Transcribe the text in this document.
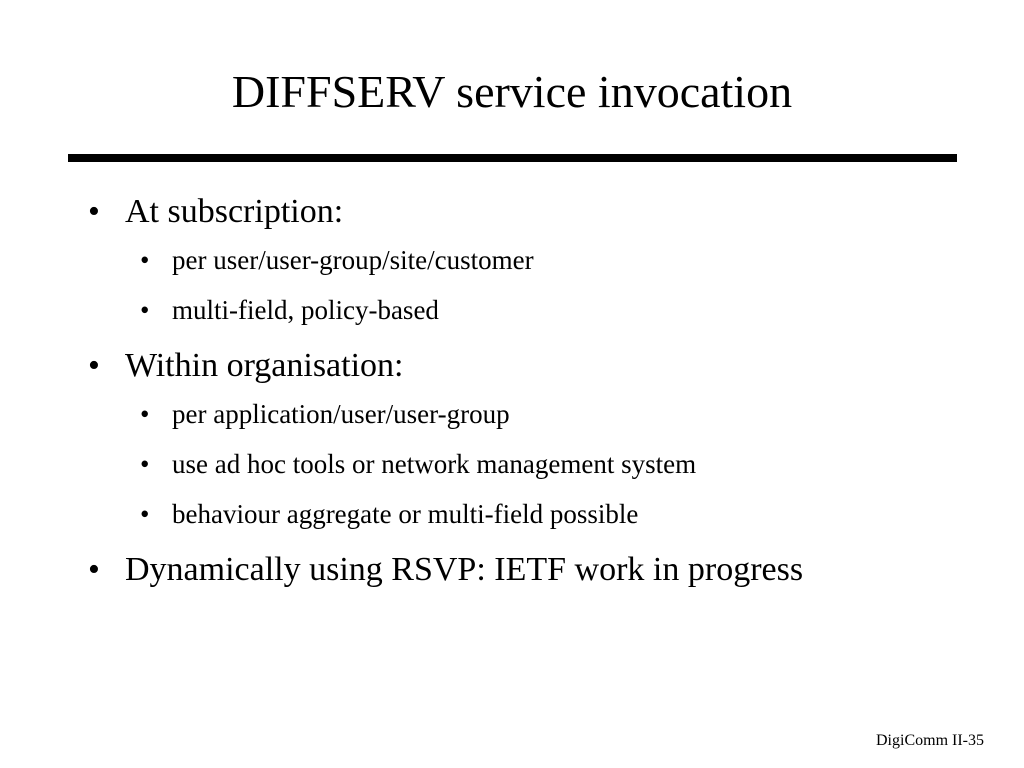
DIFFSERV service invocation
• At subscription:
• per user/user-group/site/customer
• multi-field, policy-based
• Within organisation:
• per application/user/user-group
• use ad hoc tools or network management system
• behaviour aggregate or multi-field possible
• Dynamically using RSVP: IETF work in progress
DigiComm II-35
